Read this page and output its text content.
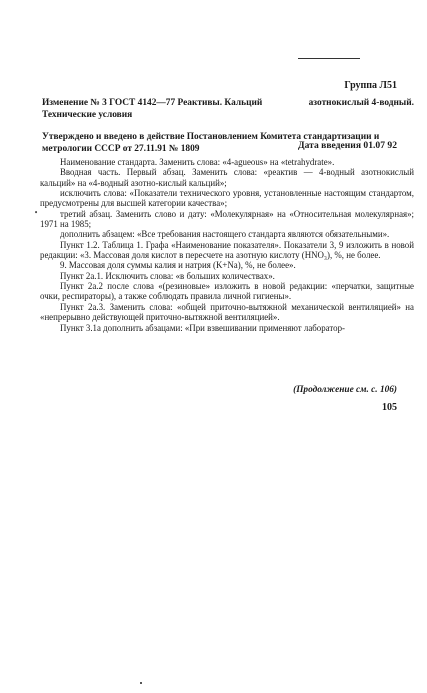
Группа Л51
Изменение № 3 ГОСТ 4142—77 Реактивы. Кальций	азотнокислый 4-водный.
Технические условия
Утверждено и введено в действие Постановлением Комитета стандартизации и метрологии СССР от 27.11.91 № 1809	Дата введения 01.07 92
•

Наименование стандарта. Заменить слова: «4-agueous» на «tetrahydrate».

Вводная часть. Первый абзац. Заменить слова: «реактив — 4-водный азотнокислый кальций» на «4-водный азотно-кислый кальций»;

исключить слова: «Показатели технического уровня, установленные настоящим стандартом, предусмотрены для высшей категории качества»;

третий абзац. Заменить слово и дату: «Молекулярная» на «Относительная молекулярная»; 1971 на 1985;

дополнить абзацем: «Все требования настоящего стандарта являются обязательными».

Пункт 1.2. Таблица 1. Графа «Наименование показателя». Показатели 3, 9 изложить в новой редакции: «3. Массовая доля кислот в пересчете на азотную кислоту (HNO₃), %, не более.

9. Массовая доля суммы калия и натрия (K+Na), %, не более».

Пункт 2а.1. Исключить слова: «в больших количествах».

Пункт 2а.2 после слова «(резиновые» изложить в новой редакции: «перчатки, защитные очки, респираторы), а также соблюдать правила личной гигиены».

Пункт 2а.3. Заменить слова: «общей приточно-вытяжной механической вентиляцией» на «непрерывно действующей приточно-вытяжной вентиляцией».

Пункт 3.1а дополнить абзацами: «При взвешивании применяют лаборатор-

(Продолжение см. с. 106)
105
